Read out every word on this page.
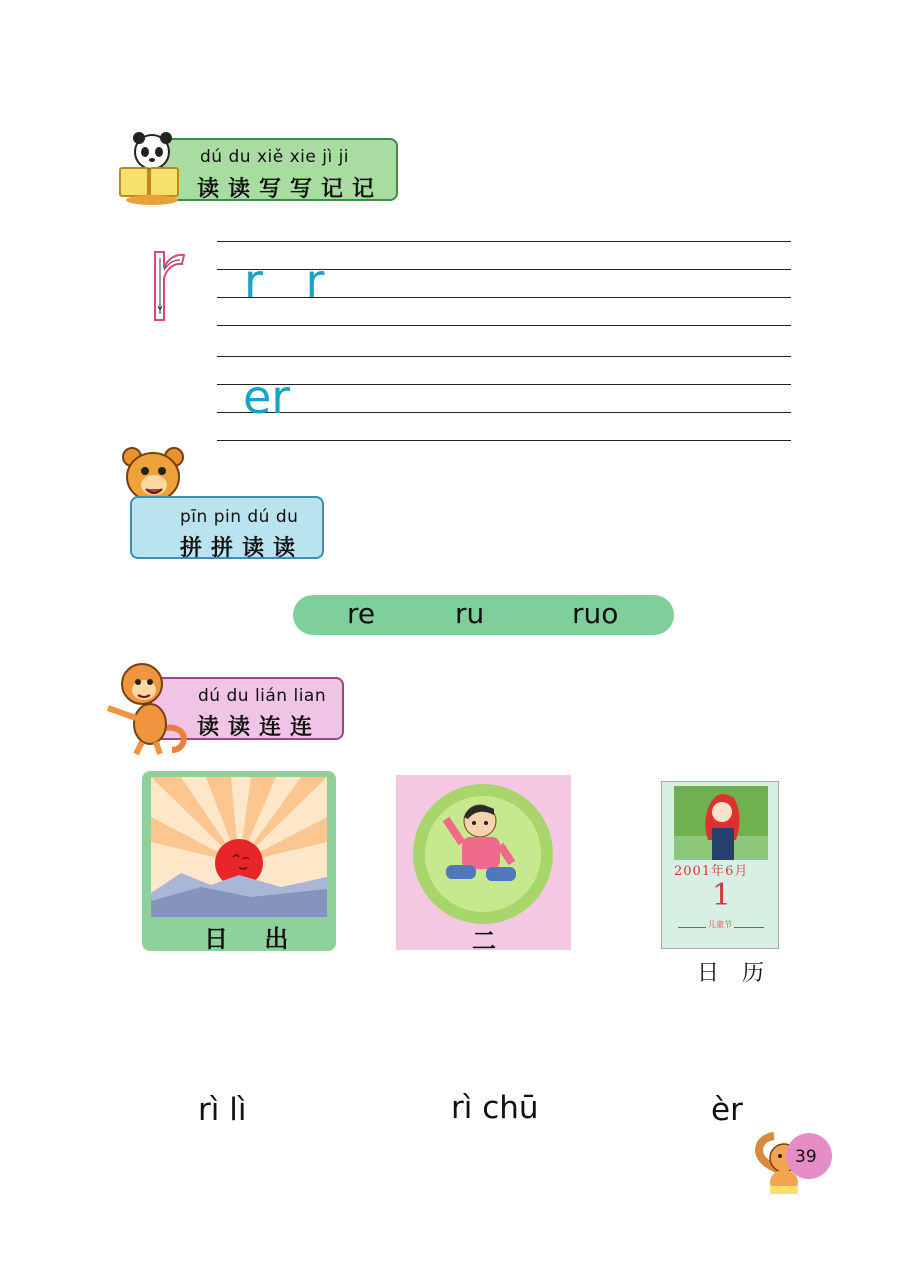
dú du xiě xie jì ji
读读写写记记
r r
er
pīn pin dú du
拼拼读读
re	ru	ruo
dú du lián lian
读读连连
日 出	二
2001年6月
1
儿童节
日 历
rì lì	rì chū	èr
39
